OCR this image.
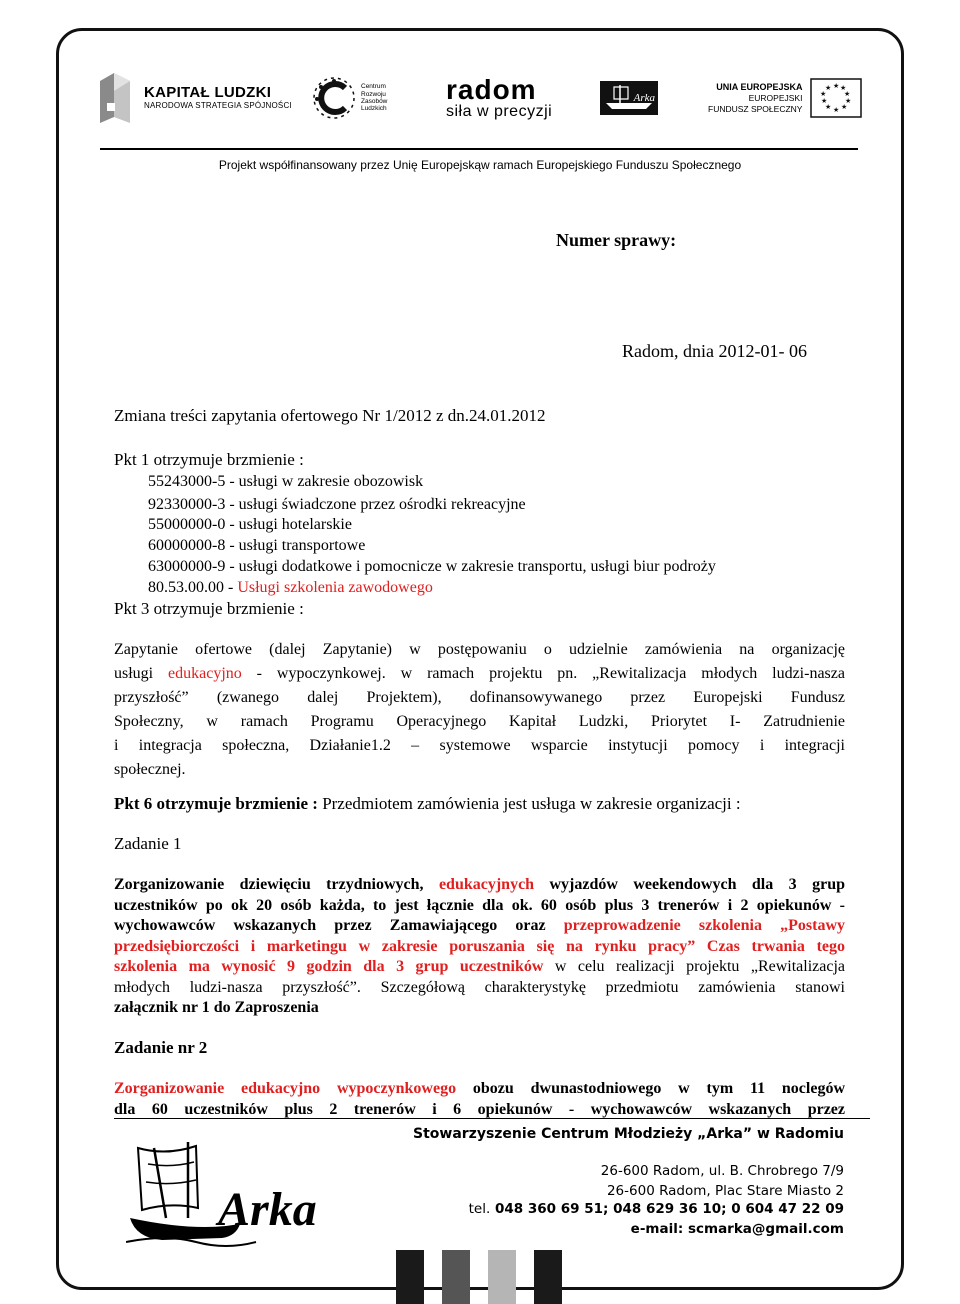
KAPITAŁ LUDZKI
NARODOWA STRATEGIA SPÓJNOŚCI
Centrum
Rozwoju
Zasobów
Ludzkich
radom
siła w precyzji
Arka
UNIA EUROPEJSKA
EUROPEJSKI
FUNDUSZ SPOŁECZNY
★ ★
★
★
★
★
★
★
★
★
Projekt współfinansowany przez Unię Europejskąw ramach Europejskiego Funduszu Społecznego
Numer sprawy:
Radom, dnia 2012-01- 06
Zmiana treści zapytania ofertowego Nr 1/2012 z dn.24.01.2012
Pkt 1 otrzymuje brzmienie :
55243000-5 - usługi w zakresie obozowisk
92330000-3 - usługi świadczone przez ośrodki rekreacyjne
55000000-0 - usługi hotelarskie
60000000-8 - usługi transportowe
63000000-9 - usługi dodatkowe i pomocnicze w zakresie transportu, usługi biur podroży
80.53.00.00 - Usługi szkolenia zawodowego
Pkt 3 otrzymuje brzmienie :
Zapytanie ofertowe (dalej Zapytanie) w postępowaniu o udzielnie zamówienia na organizację
usługi edukacyjno - wypoczynkowej. w ramach projektu pn. „Rewitalizacja młodych ludzi-nasza
przyszłość” (zwanego dalej Projektem), dofinansowywanego przez Europejski Fundusz
Społeczny, w ramach Programu Operacyjnego Kapitał Ludzki, Priorytet I- Zatrudnienie
i integracja społeczna, Działanie1.2 – systemowe wsparcie instytucji pomocy i integracji
społecznej.
Pkt 6 otrzymuje brzmienie : Przedmiotem zamówienia jest usługa w zakresie organizacji :
Zadanie 1
Zorganizowanie dziewięciu trzydniowych, edukacyjnych wyjazdów weekendowych dla 3 grup
uczestników po ok 20 osób każda, to jest łącznie dla ok. 60 osób plus 3 trenerów i 2 opiekunów -
wychowawców wskazanych przez Zamawiającego oraz przeprowadzenie szkolenia „Postawy
przedsiębiorczości i marketingu w zakresie poruszania się na rynku pracy” Czas trwania tego
szkolenia ma wynosić 9 godzin dla 3 grup uczestników w celu realizacji projektu „Rewitalizacja
młodych ludzi-nasza przyszłość”. Szczegółową charakterystykę przedmiotu zamówienia stanowi
załącznik nr 1 do Zaproszenia
Zadanie nr 2
Zorganizowanie edukacyjno wypoczynkowego obozu dwunastodniowego w tym 11 noclegów
dla 60 uczestników plus 2 trenerów i 6 opiekunów - wychowawców wskazanych przez
Arka
Stowarzyszenie Centrum Młodzieży „Arka” w Radomiu
26-600 Radom, ul. B. Chrobrego 7/9
26-600 Radom, Plac Stare Miasto 2
tel. 048 360 69 51; 048 629 36 10; 0 604 47 22 09
e-mail: scmarka@gmail.com
